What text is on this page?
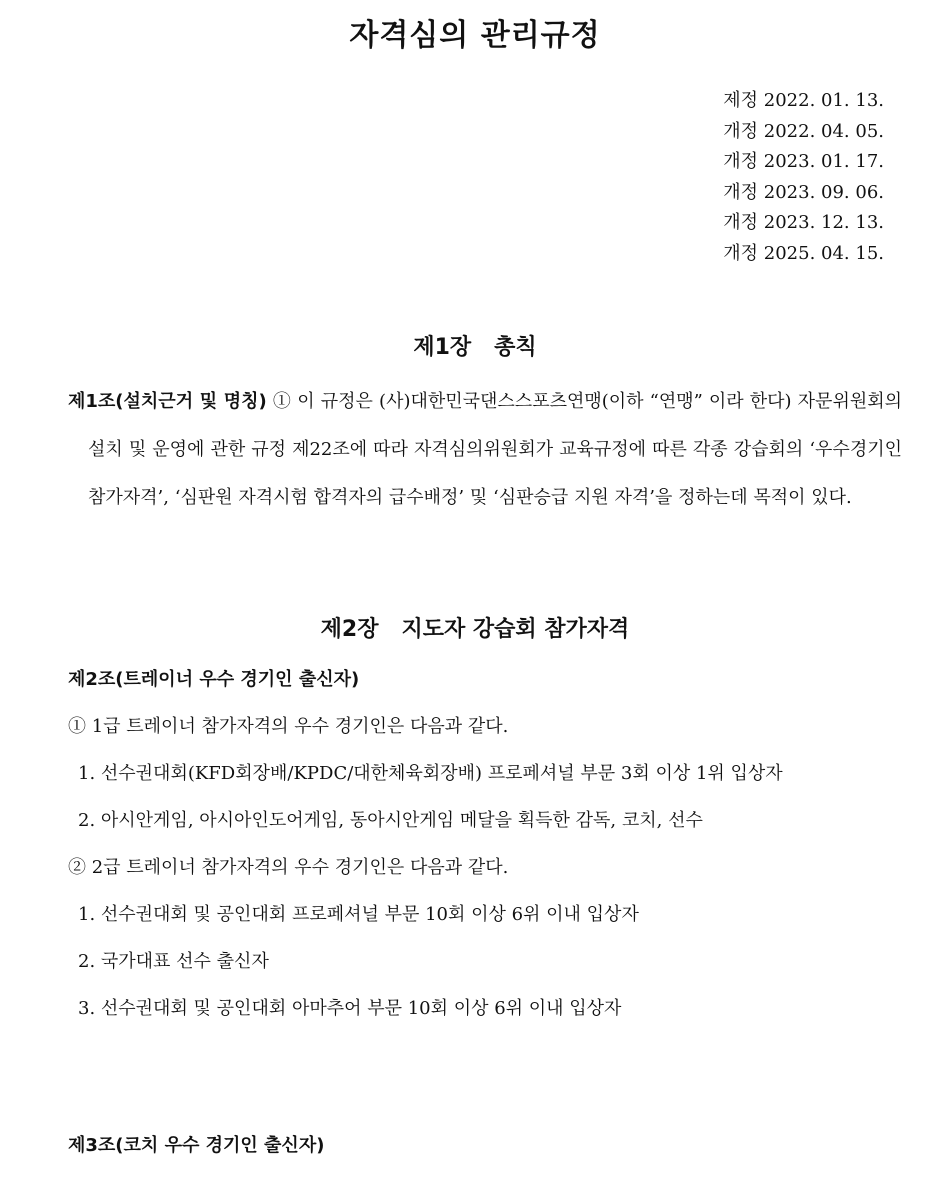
자격심의 관리규정
제정 2022. 01. 13.
개정 2022. 04. 05.
개정 2023. 01. 17.
개정 2023. 09. 06.
개정 2023. 12. 13.
개정 2025. 04. 15.
제1장   총칙
제1조(설치근거 및 명칭) ① 이 규정은 (사)대한민국댄스스포츠연맹(이하 “연맹” 이라 한다) 자문위원회의 설치 및 운영에 관한 규정 제22조에 따라 자격심의위원회가 교육규정에 따른 각종 강습회의 ‘우수경기인 참가자격’, ‘심판원 자격시험 합격자의 급수배정’ 및 ‘심판승급 지원 자격’을 정하는데 목적이 있다.
제2장   지도자 강습회 참가자격
제2조(트레이너 우수 경기인 출신자)
① 1급 트레이너 참가자격의 우수 경기인은 다음과 같다.
1. 선수권대회(KFD회장배/KPDC/대한체육회장배) 프로페셔널 부문 3회 이상 1위 입상자
2. 아시안게임, 아시아인도어게임, 동아시안게임 메달을 획득한 감독, 코치, 선수
② 2급 트레이너 참가자격의 우수 경기인은 다음과 같다.
1. 선수권대회 및 공인대회 프로페셔널 부문 10회 이상 6위 이내 입상자
2. 국가대표 선수 출신자
3. 선수권대회 및 공인대회 아마추어 부문 10회 이상 6위 이내 입상자
제3조(코치 우수 경기인 출신자)
